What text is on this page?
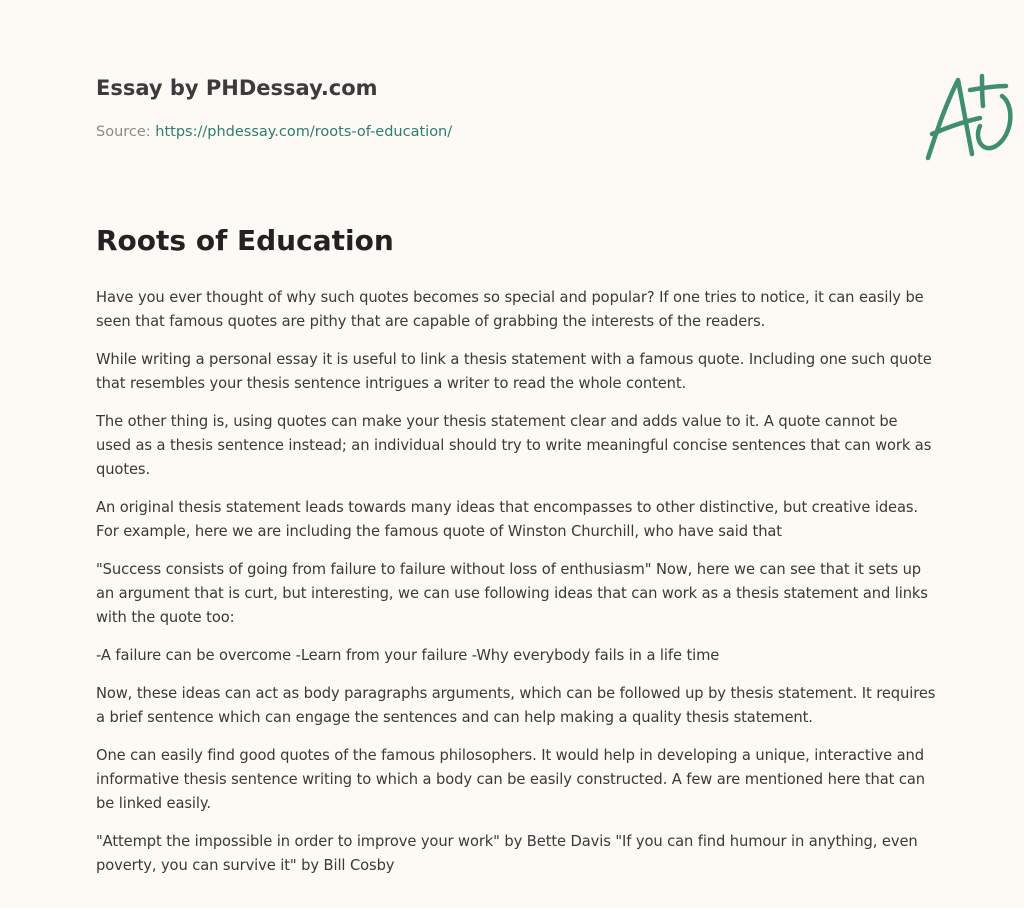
Essay by PHDessay.com
Source: https://phdessay.com/roots-of-education/
Roots of Education

Have you ever thought of why such quotes becomes so special and popular? If one tries to notice, it can easily be seen that famous quotes are pithy that are capable of grabbing the interests of the readers.

While writing a personal essay it is useful to link a thesis statement with a famous quote. Including one such quote that resembles your thesis sentence intrigues a writer to read the whole content.

The other thing is, using quotes can make your thesis statement clear and adds value to it. A quote cannot be used as a thesis sentence instead; an individual should try to write meaningful concise sentences that can work as quotes.

An original thesis statement leads towards many ideas that encompasses to other distinctive, but creative ideas. For example, here we are including the famous quote of Winston Churchill, who have said that

"Success consists of going from failure to failure without loss of enthusiasm" Now, here we can see that it sets up an argument that is curt, but interesting, we can use following ideas that can work as a thesis statement and links with the quote too:

-A failure can be overcome -Learn from your failure -Why everybody fails in a life time

Now, these ideas can act as body paragraphs arguments, which can be followed up by thesis statement. It requires a brief sentence which can engage the sentences and can help making a quality thesis statement.

One can easily find good quotes of the famous philosophers. It would help in developing a unique, interactive and informative thesis sentence writing to which a body can be easily constructed. A few are mentioned here that can be linked easily.

"Attempt the impossible in order to improve your work" by Bette Davis "If you can find humour in anything, even poverty, you can survive it" by Bill Cosby
